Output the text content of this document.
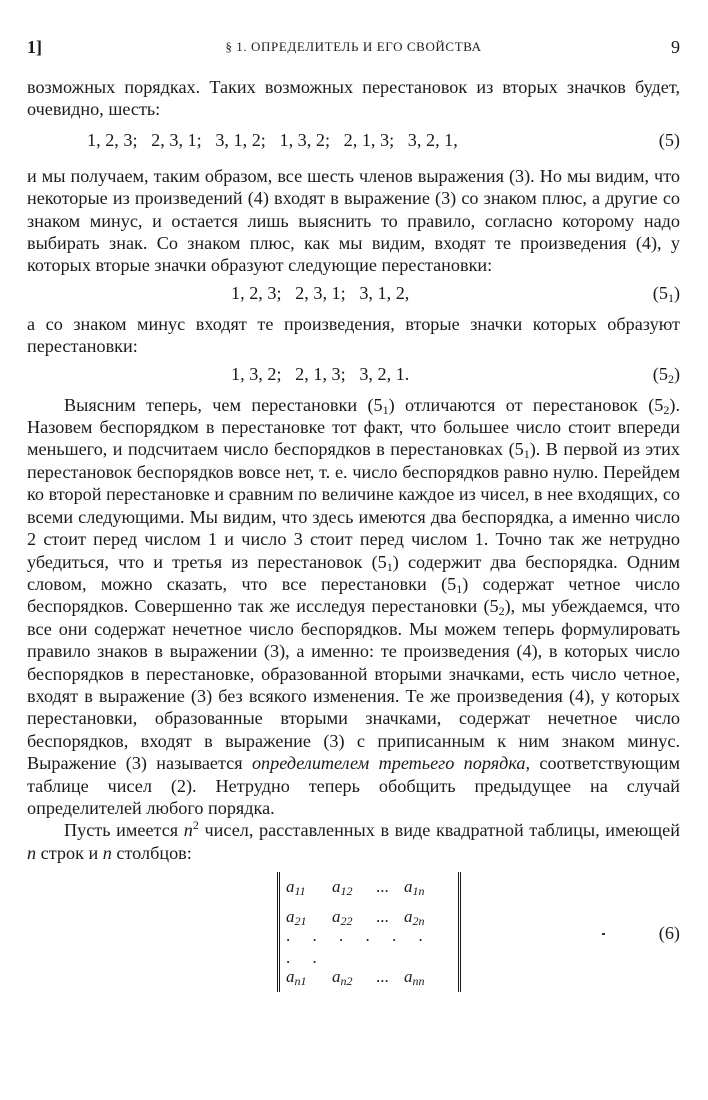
1]	§ 1. ОПРЕДЕЛИТЕЛЬ И ЕГО СВОЙСТВА	9

возможных порядках. Таких возможных перестановок из вторых значков будет, очевидно, шесть:

1, 2, 3;   2, 3, 1;   3, 1, 2;   1, 3, 2;   2, 1, 3;   3, 2, 1,	(5)

и мы получаем, таким образом, все шесть членов выражения (3). Но мы видим, что некоторые из произведений (4) входят в выражение (3) со знаком плюс, а другие со знаком минус, и остается лишь выяснить то правило, согласно которому надо выбирать знак. Со знаком плюс, как мы видим, входят те произведения (4), у которых вторые значки образуют следующие перестановки:

1, 2, 3;   2, 3, 1;   3, 1, 2,	$(5_1)$

а со знаком минус входят те произведения, вторые значки которых образуют перестановки:

1, 3, 2;   2, 1, 3;   3, 2, 1.	$(5_2)$

Выясним теперь, чем перестановки $(5_1)$ отличаются от перестановок $(5_2)$. Назовем беспорядком в перестановке тот факт, что большее число стоит впереди меньшего, и подсчитаем число беспорядков в перестановках $(5_1)$. В первой из этих перестановок беспорядков вовсе нет, т. е. число беспорядков равно нулю. Перейдем ко второй перестановке и сравним по величине каждое из чисел, в нее входящих, со всеми следующими. Мы видим, что здесь имеются два беспорядка, а именно число 2 стоит перед числом 1 и число 3 стоит перед числом 1. Точно так же нетрудно убедиться, что и третья из перестановок $(5_1)$ содержит два беспорядка. Одним словом, можно сказать, что все перестановки $(5_1)$ содержат четное число беспорядков. Совершенно так же исследуя перестановки $(5_2)$, мы убеждаемся, что все они содержат нечетное число беспорядков. Мы можем теперь формулировать правило знаков в выражении (3), а именно: те произведения (4), в которых число беспорядков в перестановке, образованной вторыми значками, есть число четное, входят в выражение (3) без всякого изменения. Те же произведения (4), у которых перестановки, образованные вторыми значками, содержат нечетное число беспорядков, входят в выражение (3) с приписанным к ним знаком минус. Выражение (3) называется определителем третьего порядка, соответствующим таблице чисел (2). Нетрудно теперь обобщить предыдущее на случай определителей любого порядка.

Пусть имеется $n^2$ чисел, расставленных в виде квадратной таблицы, имеющей n строк и n столбцов:

$a_{11}$	$a_{12}$	... $a_{1n}$
$a_{21}$	$a_{22}$	... $a_{2n}$
. . . . . . . .
$a_{n1}$	$a_{n2}$	... $a_{nn}$
(6)
